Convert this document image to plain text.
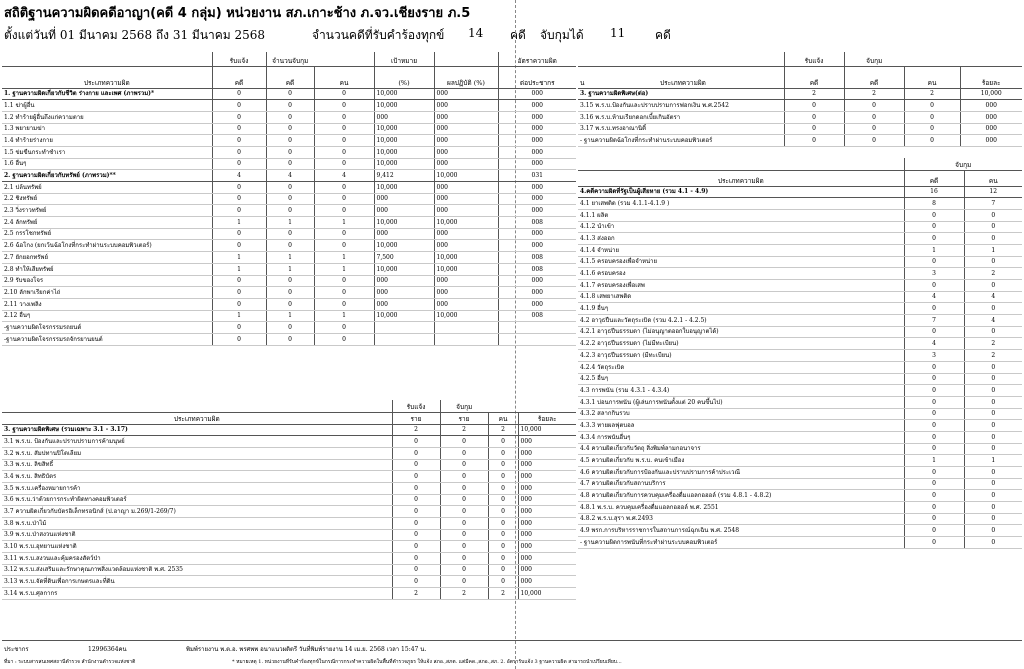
สถิติฐานความผิดคดีอาญา(คดี 4 กลุ่ม) หน่วยงาน สภ.เกาะช้าง ภ.จว.เชียงราย ภ.5
ตั้งแต่วันที่ 01 มีนาคม 2568 ถึง 31 มีนาคม 2568	จำนวนคดีที่รับคำร้องทุกข์ 14 คดี จับกุมได้ 11 คดี
	รับแจ้ง	จำนวนจับกุม		เป้าหมาย		อัตราความผิด
ประเภทความผิด	คดี	คดี	คน	(%)	ผลปฏิบัติ (%)	ต่อประชากร
1. ฐานความผิดเกี่ยวกับชีวิต ร่างกาย และเพศ (ภาพรวม)*	0	0	0	10,000	000	000
1.1 ฆ่าผู้อื่น	0	0	0	10,000	000	000
1.2 ทำร้ายผู้อื่นถึงแก่ความตาย	0	0	0	000	000	000
1.3 พยายามฆ่า	0	0	0	10,000	000	000
1.4 ทำร้ายร่างกาย	0	0	0	10,000	000	000
1.5 ข่มขืนกระทำชำเรา	0	0	0	10,000	000	000
1.6 อื่นๆ	0	0	0	10,000	000	000
2. ฐานความผิดเกี่ยวกับทรัพย์ (ภาพรวม)**	4	4	4	9,412	10,000	031
2.1 ปล้นทรัพย์	0	0	0	10,000	000	000
2.2 ชิงทรัพย์	0	0	0	000	000	000
2.3 วิ่งราวทรัพย์	0	0	0	000	000	000
2.4 ลักทรัพย์	1	1	1	10,000	10,000	008
2.5 กรรโชกทรัพย์	0	0	0	000	000	000
2.6 ฉ้อโกง (ยกเว้นฉ้อโกงที่กระทำผ่านระบบคอมพิวเตอร์)	0	0	0	10,000	000	000
2.7 ยักยอกทรัพย์	1	1	1	7,500	10,000	008
2.8 ทำให้เสียทรัพย์	1	1	1	10,000	10,000	008
2.9 รับของโจร	0	0	0	000	000	000
2.10 ลักพาเรียกค่าไถ่	0	0	0	000	000	000
2.11 วางเพลิง	0	0	0	000	000	000
2.12 อื่นๆ	1	1	1	10,000	10,000	008
-ฐานความผิดโจรกรรมรถยนต์	0	0	0			
-ฐานความผิดโจรกรรมรถจักรยานยนต์	0	0	0			
	รับแจ้ง	จับกุม		
ประเภทความผิด	ราย	ราย	คน	ร้อยละ
3. ฐานความผิดพิเศษ (รวมเฉพาะ 3.1 - 3.17)	2	2	2	10,000
3.1 พ.ร.บ. ป้องกันและปราบปรามการค้ามนุษย์	0	0	0	000
3.2 พ.ร.บ. สัมปทานปิโตเลียม	0	0	0	000
3.3 พ.ร.บ. ลิขสิทธิ์	0	0	0	000
3.4 พ.ร.บ. สิทธิบัตร	0	0	0	000
3.5 พ.ร.บ.เครื่องหมายการค้า	0	0	0	000
3.6 พ.ร.บ.ว่าด้วยการกระทำผิดทางคอมพิวเตอร์	0	0	0	000
3.7 ความผิดเกี่ยวกับบัตรอิเล็กทรอนิกส์ (ป.อาญา ม.269/1-269/7)	0	0	0	000
3.8 พ.ร.บ.ป่าไม้	0	0	0	000
3.9 พ.ร.บ.ป่าสงวนแห่งชาติ	0	0	0	000
3.10 พ.ร.บ.อุทยานแห่งชาติ	0	0	0	000
3.11 พ.ร.บ.สงวนและคุ้มครองสัตว์ป่า	0	0	0	000
3.12 พ.ร.บ.ส่งเสริมและรักษาคุณภาพสิ่งแวดล้อมแห่งชาติ พ.ศ. 2535	0	0	0	000
3.13 พ.ร.บ.จัดที่ดินเพื่อการเกษตรและที่ดิน	0	0	0	000
3.14 พ.ร.บ.ศุลกากร	2	2	2	10,000
	รับแจ้ง	จับกุม		

น ประเภทความผิด	คดี	คดี	คน	ร้อยละ
3. ฐานความผิดพิเศษ(ต่อ)	2	2	2	10,000
3.15 พ.ร.บ.ป้องกันและปราบปรามการฟอกเงิน พ.ศ.2542	0	0	0	000
3.16 พ.ร.บ.ห้ามเรียกดอกเบี้ยเกินอัตรา	0	0	0	000
3.17 พ.ร.บ.ทรงอาณานิติ์	0	0	0	000
- ฐานความผิดฉ้อโกงที่กระทำผ่านระบบคอมพิวเตอร์	0	0	0	000
	จับกุม	
ประเภทความผิด	คดี	คน
4.คดีความผิดที่รัฐเป็นผู้เสียหาย (รวม 4.1 - 4.9)	16	12
4.1 ยาเสพติด (รวม 4.1.1-4.1.9 )	8	7
4.1.1 ผลิต	0	0
4.1.2 นำเข้า	0	0
4.1.3 ส่งออก	0	0
4.1.4 จำหน่าย	1	1
4.1.5 ครอบครองเพื่อจำหน่าย	0	0
4.1.6 ครอบครอง	3	2
4.1.7 ครอบครองเพื่อเสพ	0	0
4.1.8 เสพยาเสพติด	4	4
4.1.9 อื่นๆ	0	0
4.2 อาวุธปืนและวัตถุระเบิด (รวม 4.2.1 - 4.2.5)	7	4
4.2.1 อาวุธปืนธรรมดา (ไม่อนุญาตออกใบอนุญาตได้)	0	0
4.2.2 อาวุธปืนธรรมดา (ไม่มีทะเบียน)	4	2
4.2.3 อาวุธปืนธรรมดา (มีทะเบียน)	3	2
4.2.4 วัตถุระเบิด	0	0
4.2.5 อื่นๆ	0	0
4.3 การพนัน (รวม 4.3.1 - 4.3.4)	0	0
4.3.1 บ่อนการพนัน (ผู้เล่นการพนันตั้งแต่ 20 คนขึ้นไป)	0	0
4.3.2 สลากกินรวบ	0	0
4.3.3 ทายผลฟุตบอล	0	0
4.3.4 การพนันอื่นๆ	0	0
4.4 ความผิดเกี่ยวกับวัตถุ สิ่งพิมพ์ลามกอนาจาร	0	0
4.5 ความผิดเกี่ยวกับ พ.ร.บ. คนเข้าเมือง	1	1
4.6 ความผิดเกี่ยวกับการป้องกันและปราบปรามการค้าประเวณี	0	0
4.7 ความผิดเกี่ยวกับสถานบริการ	0	0
4.8 ความผิดเกี่ยวกับการควบคุมเครื่องดื่มแอลกอฮอล์ (รวม 4.8.1 - 4.8.2)	0	0
4.8.1 พ.ร.บ. ควบคุมเครื่องดื่มแอลกอฮอล์ พ.ศ. 2551	0	0
4.8.2 พ.ร.บ.สุรา พ.ศ.2493	0	0
4.9 พรก.การบริหารราชการในสถานการณ์ฉุกเฉิน พ.ศ. 2548	0	0
- ฐานความผิดการพนันที่กระทำผ่านระบบคอมพิวเตอร์	0	0
ประชากร	12996364คน	พิมพ์รายงาน พ.ต.อ. พรศพพ อนาแนวผดิตรี วันที่พิมพ์รายงาน 14 เม.ย. 2568 เวลา 15:47 น.
ที่มา : ระบบสารสนเทศสถานีตำรวจ สำนักงานตำรวจแห่งชาติ	* หมายเหตุ 1. หน่วยงานที่รับคำร้องทุกข์ในกรณีการกระทำความผิดในพื้นที่ตำรวจภูธร ให้แจ้ง สภอ.,สภต. แต่มีคด.,สภอ.,สภ. 2. อัตรารับแจ้ง 3 ฐานความผิด สามารถนำเปรียบเทียบ...
